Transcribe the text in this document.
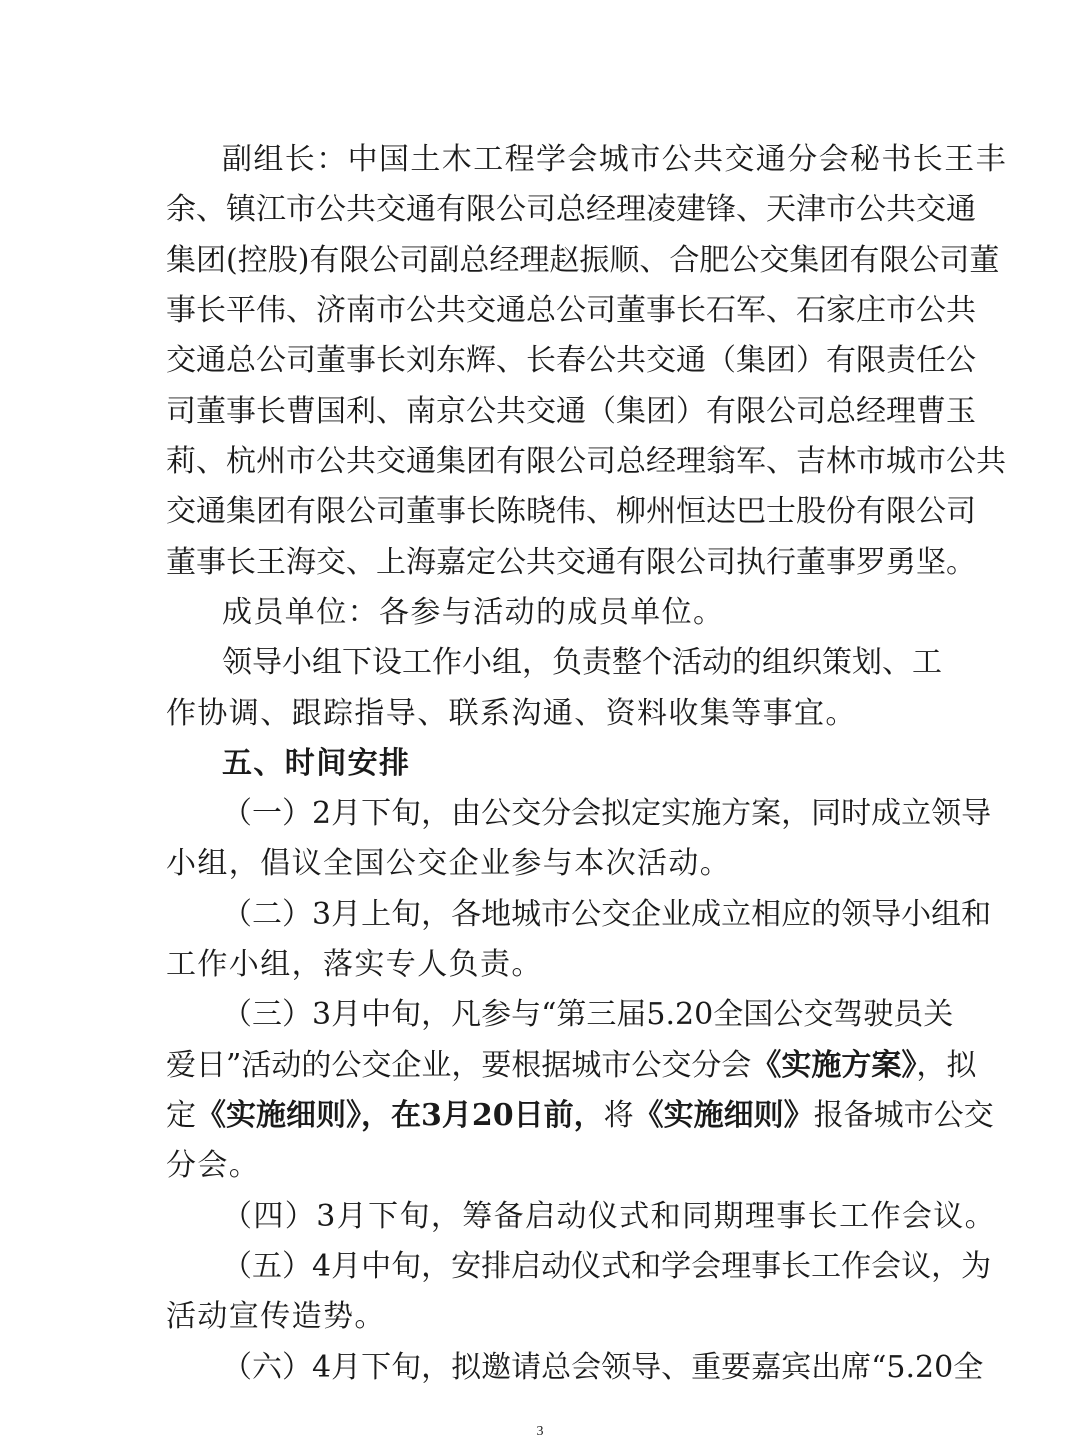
副组长：中国土木工程学会城市公共交通分会秘书长王丰
余、镇江市公共交通有限公司总经理凌建锋、天津市公共交通
集团(控股)有限公司副总经理赵振顺、合肥公交集团有限公司董
事长平伟、济南市公共交通总公司董事长石军、石家庄市公共
交通总公司董事长刘东辉、长春公共交通（集团）有限责任公
司董事长曹国利、南京公共交通（集团）有限公司总经理曹玉
莉、杭州市公共交通集团有限公司总经理翁军、吉林市城市公共
交通集团有限公司董事长陈晓伟、柳州恒达巴士股份有限公司
董事长王海交、上海嘉定公共交通有限公司执行董事罗勇坚。
成员单位：各参与活动的成员单位。
领导小组下设工作小组，负责整个活动的组织策划、工
作协调、跟踪指导、联系沟通、资料收集等事宜。
五、时间安排
（一）2月下旬，由公交分会拟定实施方案，同时成立领导
小组，倡议全国公交企业参与本次活动。
（二）3月上旬，各地城市公交企业成立相应的领导小组和
工作小组，落实专人负责。
（三）3月中旬，凡参与“第三届5.20全国公交驾驶员关
爱日”活动的公交企业，要根据城市公交分会《实施方案》，拟
定《实施细则》，在3月20日前，将《实施细则》报备城市公交
分会。
（四）3月下旬，筹备启动仪式和同期理事长工作会议。
（五）4月中旬，安排启动仪式和学会理事长工作会议，为
活动宣传造势。
（六）4月下旬，拟邀请总会领导、重要嘉宾出席“5.20全
3
